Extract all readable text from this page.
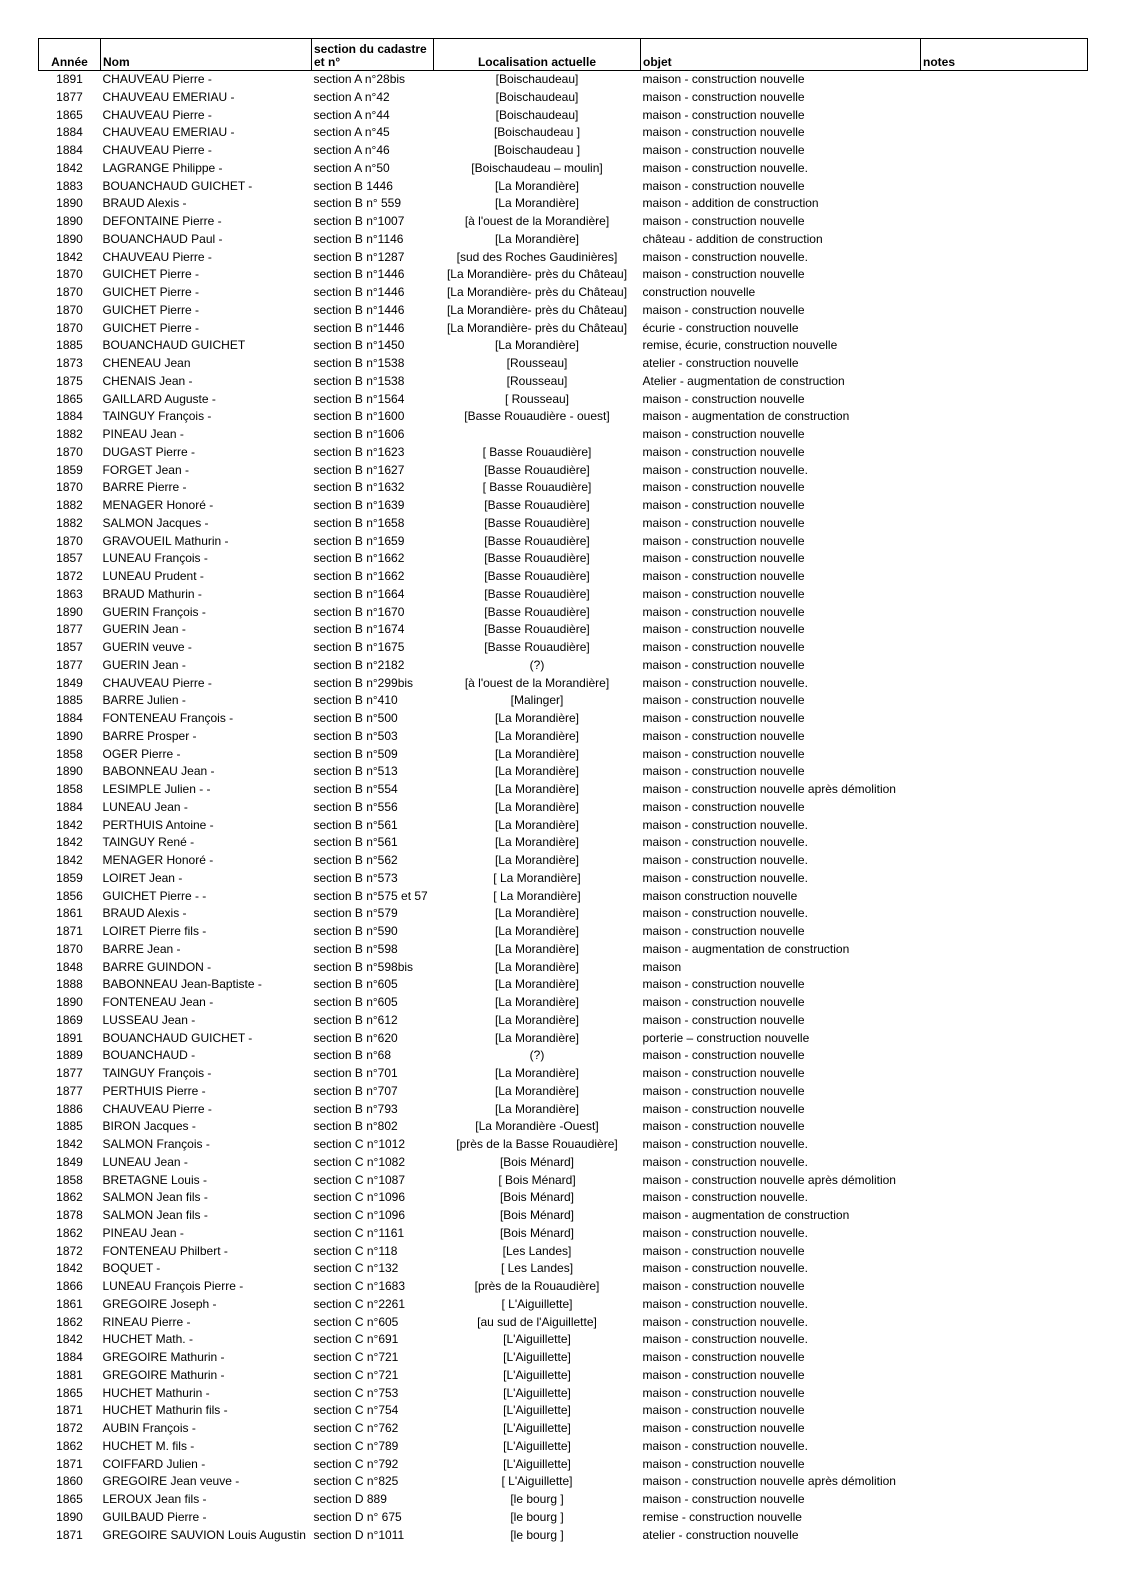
Année	Nom	section du cadastre et n°	Localisation actuelle	objet	notes
1891	CHAUVEAU Pierre -	section A n°28bis	[Boischaudeau]	maison - construction nouvelle	
1877	CHAUVEAU EMERIAU -	section A n°42	[Boischaudeau]	maison - construction nouvelle	
1865	CHAUVEAU Pierre -	section A n°44	[Boischaudeau]	maison - construction nouvelle	
1884	CHAUVEAU EMERIAU -	section A n°45	[Boischaudeau ]	maison - construction nouvelle	
1884	CHAUVEAU Pierre -	section A n°46	[Boischaudeau ]	maison - construction nouvelle	
1842	LAGRANGE Philippe -	section A n°50	[Boischaudeau – moulin]	maison - construction nouvelle.	
1883	BOUANCHAUD GUICHET -	section B 1446	[La Morandière]	maison - construction nouvelle	
1890	BRAUD Alexis -	section B n° 559	[La Morandière]	maison - addition de construction	
1890	DEFONTAINE Pierre -	section B n°1007	[à l'ouest de la Morandière]	maison - construction nouvelle	
1890	BOUANCHAUD Paul -	section B n°1146	[La Morandière]	château - addition de construction	
1842	CHAUVEAU Pierre -	section B n°1287	[sud des Roches Gaudinières]	maison - construction nouvelle.	
1870	GUICHET Pierre -	section B n°1446	[La Morandière- près du Château]	maison - construction nouvelle	
1870	GUICHET Pierre -	section B n°1446	[La Morandière- près du Château]	construction nouvelle	
1870	GUICHET Pierre -	section B n°1446	[La Morandière- près du Château]	maison - construction nouvelle	
1870	GUICHET Pierre -	section B n°1446	[La Morandière- près du Château]	écurie - construction nouvelle	
1885	BOUANCHAUD GUICHET	section B n°1450	[La Morandière]	remise, écurie, construction nouvelle	
1873	CHENEAU Jean	section B n°1538	[Rousseau]	atelier - construction nouvelle	
1875	CHENAIS Jean -	section B n°1538	[Rousseau]	Atelier - augmentation de construction	
1865	GAILLARD Auguste -	section B n°1564	[ Rousseau]	maison - construction nouvelle	
1884	TAINGUY François -	section B n°1600	[Basse Rouaudière - ouest]	maison - augmentation de construction	
1882	PINEAU Jean -	section B n°1606		maison - construction nouvelle	
1870	DUGAST Pierre -	section B n°1623	[ Basse Rouaudière]	maison - construction nouvelle	
1859	FORGET Jean -	section B n°1627	[Basse Rouaudière]	maison - construction nouvelle.	
1870	BARRE Pierre -	section B n°1632	[ Basse Rouaudière]	maison - construction nouvelle	
1882	MENAGER Honoré -	section B n°1639	[Basse Rouaudière]	maison - construction nouvelle	
1882	SALMON Jacques -	section B n°1658	[Basse Rouaudière]	maison - construction nouvelle	
1870	GRAVOUEIL Mathurin -	section B n°1659	[Basse Rouaudière]	maison - construction nouvelle	
1857	LUNEAU François -	section B n°1662	[Basse Rouaudière]	maison - construction nouvelle	
1872	LUNEAU Prudent -	section B n°1662	[Basse Rouaudière]	maison - construction nouvelle	
1863	BRAUD Mathurin -	section B n°1664	[Basse Rouaudière]	maison - construction nouvelle	
1890	GUERIN François -	section B n°1670	[Basse Rouaudière]	maison - construction nouvelle	
1877	GUERIN Jean -	section B n°1674	[Basse Rouaudière]	maison - construction nouvelle	
1857	GUERIN veuve -	section B n°1675	[Basse Rouaudière]	maison - construction nouvelle	
1877	GUERIN Jean -	section B n°2182	(?)	maison - construction nouvelle	
1849	CHAUVEAU Pierre -	section B n°299bis	[à l'ouest de la Morandière]	maison - construction nouvelle.	
1885	BARRE Julien -	section B n°410	[Malinger]	maison - construction nouvelle	
1884	FONTENEAU François -	section B n°500	[La Morandière]	maison - construction nouvelle	
1890	BARRE Prosper -	section B n°503	[La Morandière]	maison - construction nouvelle	
1858	OGER Pierre -	section B n°509	[La Morandière]	maison - construction nouvelle	
1890	BABONNEAU Jean -	section B n°513	[La Morandière]	maison - construction nouvelle	
1858	LESIMPLE Julien - -	section B n°554	[La Morandière]	maison - construction nouvelle après démolition	
1884	LUNEAU Jean -	section B n°556	[La Morandière]	maison - construction nouvelle	
1842	PERTHUIS Antoine -	section B n°561	[La Morandière]	maison - construction nouvelle.	
1842	TAINGUY René -	section B n°561	[La Morandière]	maison - construction nouvelle.	
1842	MENAGER Honoré -	section B n°562	[La Morandière]	maison - construction nouvelle.	
1859	LOIRET Jean -	section B n°573	[ La Morandière]	maison - construction nouvelle.	
1856	GUICHET Pierre - -	section B n°575 et 57	[ La Morandière]	maison construction nouvelle	
1861	BRAUD Alexis -	section B n°579	[La Morandière]	maison - construction nouvelle.	
1871	LOIRET Pierre fils -	section B n°590	[La Morandière]	maison - construction nouvelle	
1870	BARRE Jean -	section B n°598	[La Morandière]	maison - augmentation de construction	
1848	BARRE GUINDON -	section B n°598bis	[La Morandière]	maison	
1888	BABONNEAU Jean-Baptiste -	section B n°605	[La Morandière]	maison - construction nouvelle	
1890	FONTENEAU Jean -	section B n°605	[La Morandière]	maison - construction nouvelle	
1869	LUSSEAU Jean -	section B n°612	[La Morandière]	maison - construction nouvelle	
1891	BOUANCHAUD GUICHET -	section B n°620	[La Morandière]	porterie – construction nouvelle	
1889	BOUANCHAUD -	section B n°68	(?)	maison - construction nouvelle	
1877	TAINGUY François -	section B n°701	[La Morandière]	maison - construction nouvelle	
1877	PERTHUIS Pierre -	section B n°707	[La Morandière]	maison - construction nouvelle	
1886	CHAUVEAU Pierre -	section B n°793	[La Morandière]	maison - construction nouvelle	
1885	BIRON Jacques -	section B n°802	[La Morandière -Ouest]	maison - construction nouvelle	
1842	SALMON François -	section C n°1012	[près de la Basse Rouaudière]	maison - construction nouvelle.	
1849	LUNEAU Jean -	section C n°1082	[Bois Ménard]	maison - construction nouvelle.	
1858	BRETAGNE Louis -	section C n°1087	[ Bois Ménard]	maison - construction nouvelle après démolition	
1862	SALMON Jean fils -	section C n°1096	[Bois Ménard]	maison - construction nouvelle.	
1878	SALMON Jean fils -	section C n°1096	[Bois Ménard]	maison - augmentation de construction	
1862	PINEAU Jean -	section C n°1161	[Bois Ménard]	maison - construction nouvelle.	
1872	FONTENEAU Philbert -	section C n°118	[Les Landes]	maison - construction nouvelle	
1842	BOQUET -	section C n°132	[ Les Landes]	maison - construction nouvelle.	
1866	LUNEAU François Pierre -	section C n°1683	[près de la Rouaudière]	maison - construction nouvelle	
1861	GREGOIRE Joseph -	section C n°2261	[ L'Aiguillette]	maison - construction nouvelle.	
1862	RINEAU Pierre -	section C n°605	[au sud de l'Aiguillette]	maison - construction nouvelle.	
1842	HUCHET Math. -	section C n°691	[L'Aiguillette]	maison - construction nouvelle.	
1884	GREGOIRE Mathurin -	section C n°721	[L'Aiguillette]	maison - construction nouvelle	
1881	GREGOIRE Mathurin -	section C n°721	[L'Aiguillette]	maison - construction nouvelle	
1865	HUCHET Mathurin -	section C n°753	[L'Aiguillette]	maison - construction nouvelle	
1871	HUCHET Mathurin fils -	section C n°754	[L'Aiguillette]	maison - construction nouvelle	
1872	AUBIN François -	section C n°762	[L'Aiguillette]	maison - construction nouvelle	
1862	HUCHET M. fils -	section C n°789	[L'Aiguillette]	maison - construction nouvelle.	
1871	COIFFARD Julien -	section C n°792	[L'Aiguillette]	maison - construction nouvelle	
1860	GREGOIRE Jean veuve -	section C n°825	[ L'Aiguillette]	maison - construction nouvelle après démolition	
1865	LEROUX Jean fils -	section D 889	[le bourg ]	maison - construction nouvelle	
1890	GUILBAUD Pierre -	section D n° 675	[le bourg ]	remise - construction nouvelle	
1871	GREGOIRE SAUVION Louis Augustin	section D n°1011	[le bourg ]	atelier - construction nouvelle	
